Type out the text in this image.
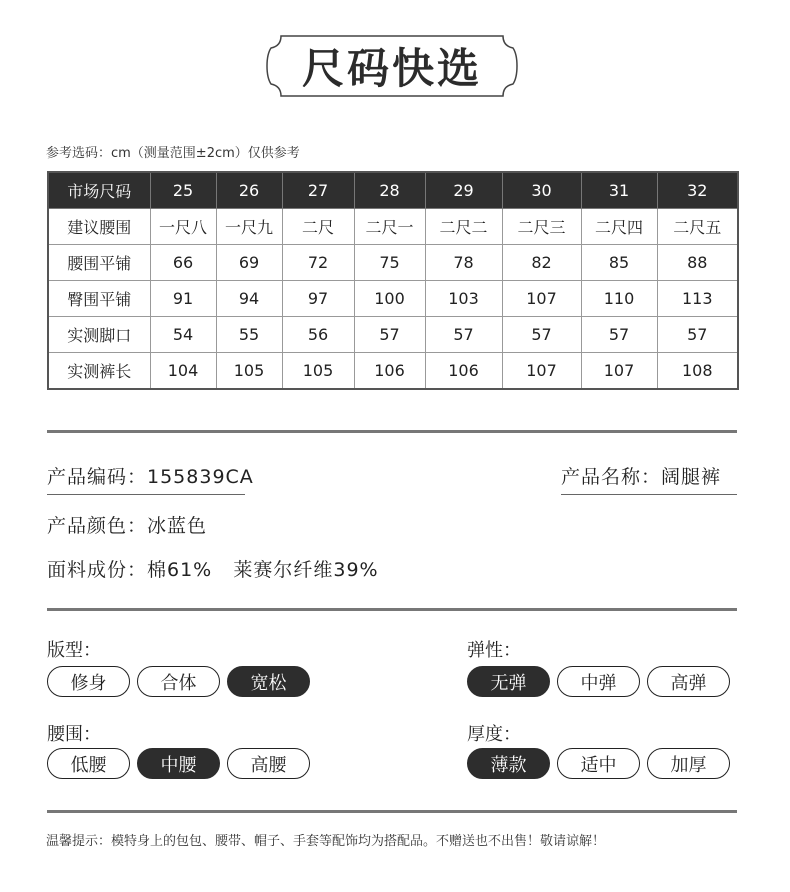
尺码快选
参考选码：cm（测量范围±2cm）仅供参考
市场尺码	25	26	27	28	29	30	31	32
建议腰围	一尺八	一尺九	二尺	二尺一	二尺二	二尺三	二尺四	二尺五
腰围平铺	66	69	72	75	78	82	85	88
臀围平铺	91	94	97	100	103	107	110	113
实测脚口	54	55	56	57	57	57	57	57
实测裤长	104	105	105	106	106	107	107	108
产品编码：155839CA	产品名称：阔腿裤
产品颜色：冰蓝色
面料成份：棉61%   莱赛尔纤维39%
版型：
修身	合体	宽松
弹性：
无弹	中弹	高弹
腰围：
低腰	中腰	高腰
厚度：
薄款	适中	加厚
温馨提示：模特身上的包包、腰带、帽子、手套等配饰均为搭配品。不赠送也不出售！敬请谅解！
